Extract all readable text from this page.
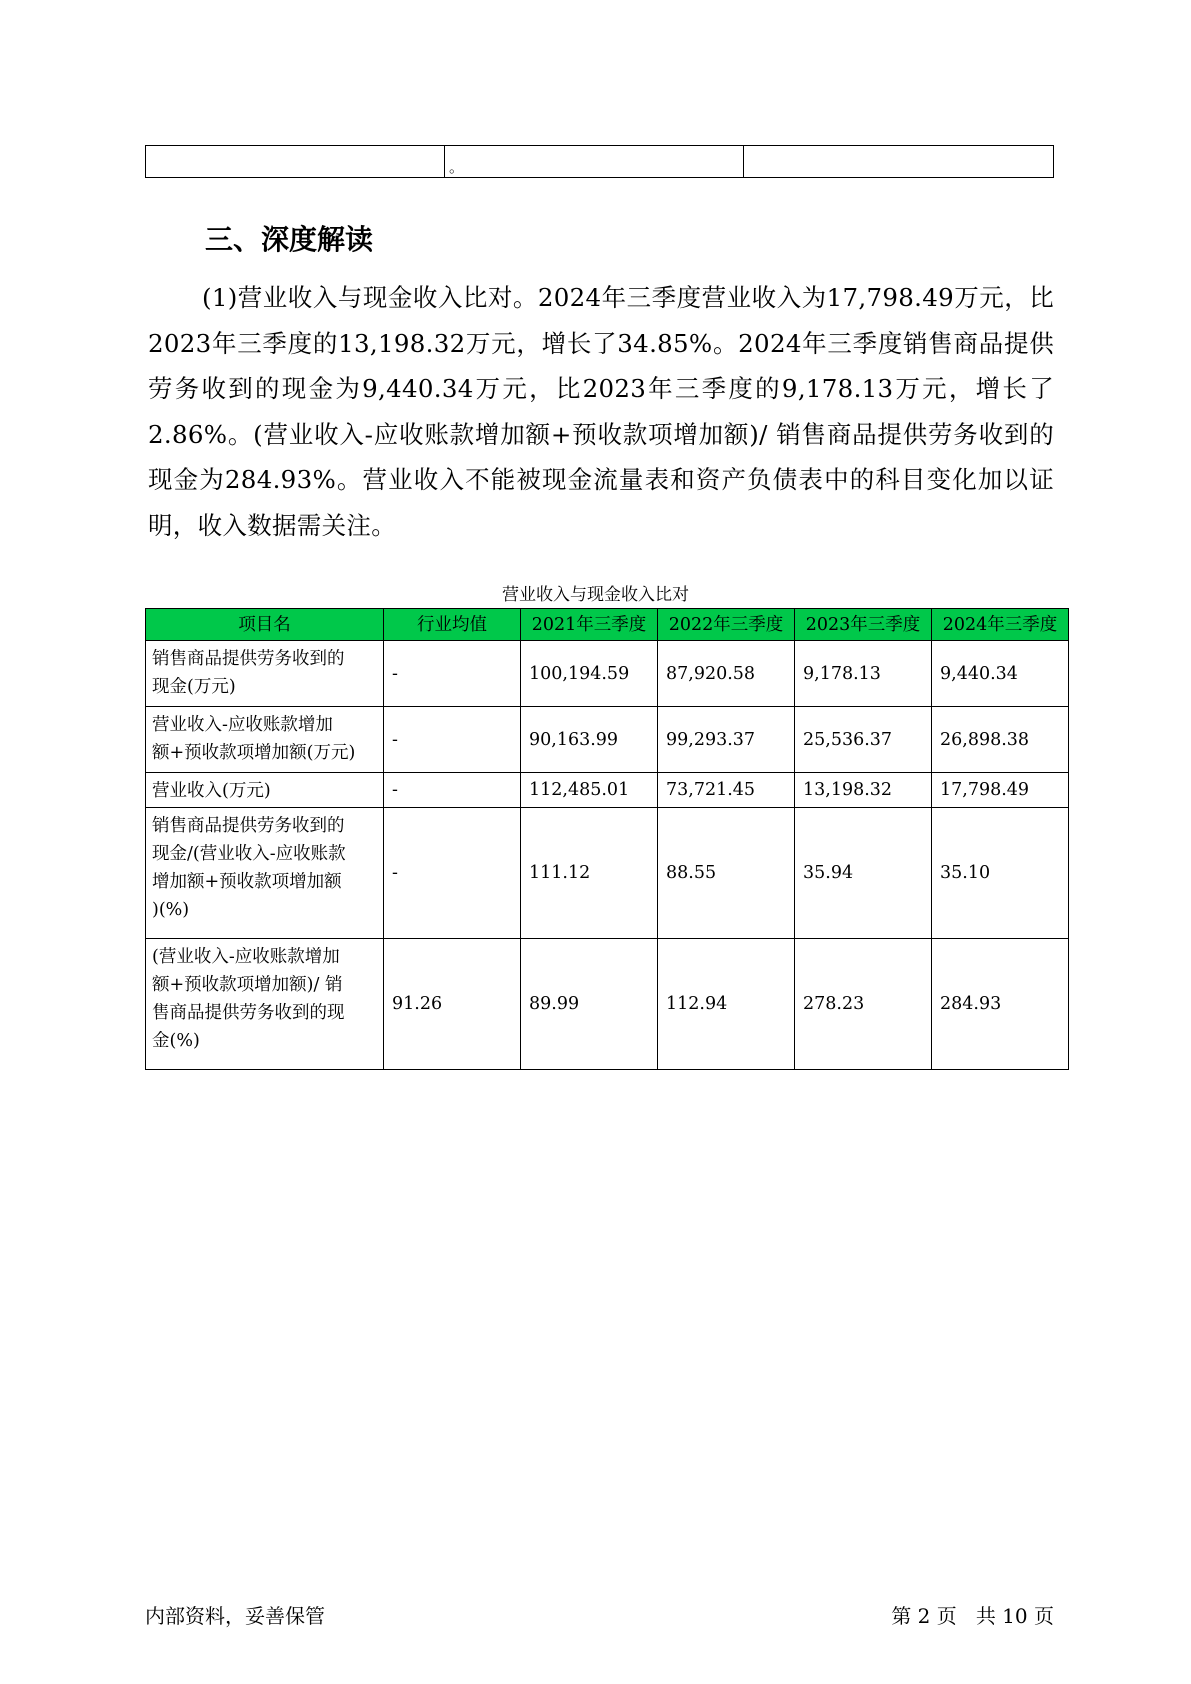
	。	
三、深度解读

(1)营业收入与现金收入比对。2024年三季度营业收入为17,798.49万元，比2023年三季度的13,198.32万元，增长了34.85%。2024年三季度销售商品提供劳务收到的现金为9,440.34万元，比2023年三季度的9,178.13万元，增长了2.86%。(营业收入-应收账款增加额+预收款项增加额)/ 销售商品提供劳务收到的现金为284.93%。营业收入不能被现金流量表和资产负债表中的科目变化加以证明，收入数据需关注。

营业收入与现金收入比对
项目名	行业均值	2021年三季度	2022年三季度	2023年三季度	2024年三季度

销售商品提供劳务收到的
现金(万元)	-	100,194.59	87,920.58	9,178.13	9,440.34

营业收入-应收账款增加
额+预收款项增加额(万元)	-	90,163.99	99,293.37	25,536.37	26,898.38

营业收入(万元)	-	112,485.01	73,721.45	13,198.32	17,798.49

销售商品提供劳务收到的
现金/(营业收入-应收账款
增加额+预收款项增加额
)(%)	-	111.12	88.55	35.94	35.10

(营业收入-应收账款增加
额+预收款项增加额)/ 销
售商品提供劳务收到的现
金(%)	91.26	89.99	112.94	278.23	284.93
内部资料，妥善保管	第 2 页   共 10 页
